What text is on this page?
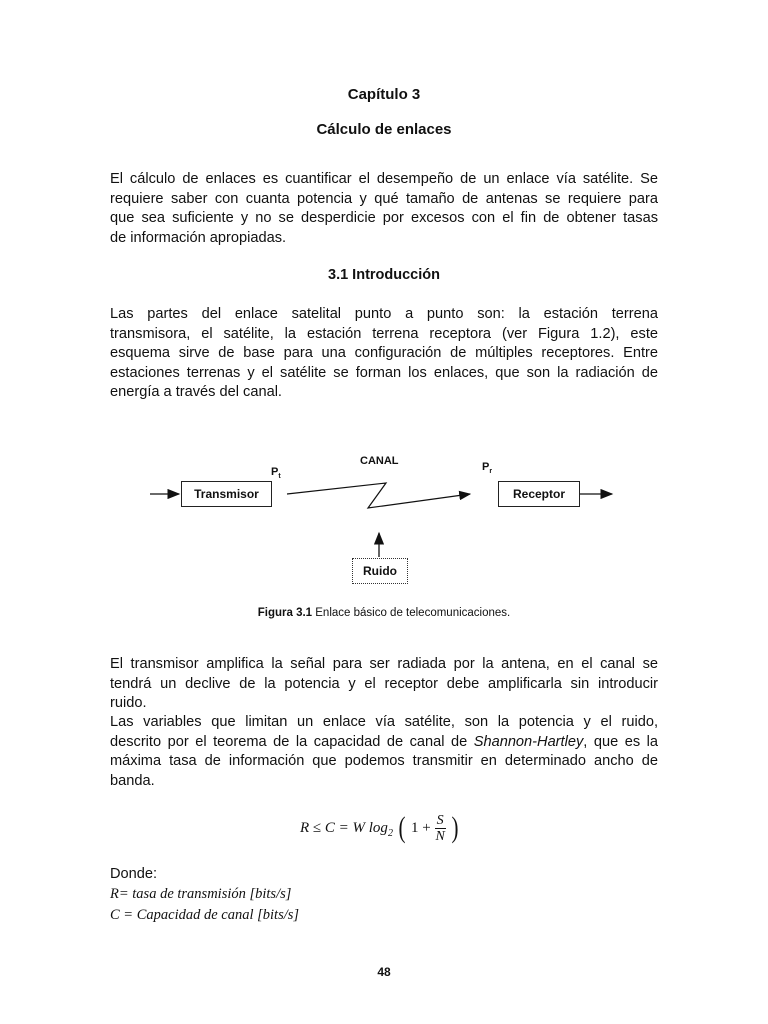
Capítulo 3
Cálculo de enlaces
El cálculo de enlaces es cuantificar el desempeño de un enlace vía satélite. Se
requiere saber con cuanta potencia y qué tamaño de antenas se requiere para
que sea suficiente y no se desperdicie por excesos con el fin de obtener tasas
de información apropiadas.
3.1 Introducción
Las partes del enlace satelital punto a punto son: la estación terrena
transmisora, el satélite, la estación terrena receptora (ver Figura 1.2), este
esquema sirve de base para una configuración de múltiples receptores. Entre
estaciones terrenas y el satélite se forman los enlaces, que son la radiación de
energía a través del canal.
Transmisor	Receptor
Ruido
CANAL
$P_t$
$P_r$
Figura 3.1 Enlace básico de telecomunicaciones.
El transmisor amplifica la señal para ser radiada por la antena, en el canal se
tendrá un declive de la potencia y el receptor debe amplificarla sin introducir
ruido.
Las variables que limitan un enlace vía satélite, son la potencia y el ruido,
descrito por el teorema de la capacidad de canal de Shannon-Hartley, que es la
máxima tasa de información que podemos transmitir en determinado ancho de
banda.
R ≤ C = W $\log_2$ ( $1 + \frac{S}{N}$ )
Donde:
R= tasa de transmisión [bits/s]
C = Capacidad de canal [bits/s]
48
